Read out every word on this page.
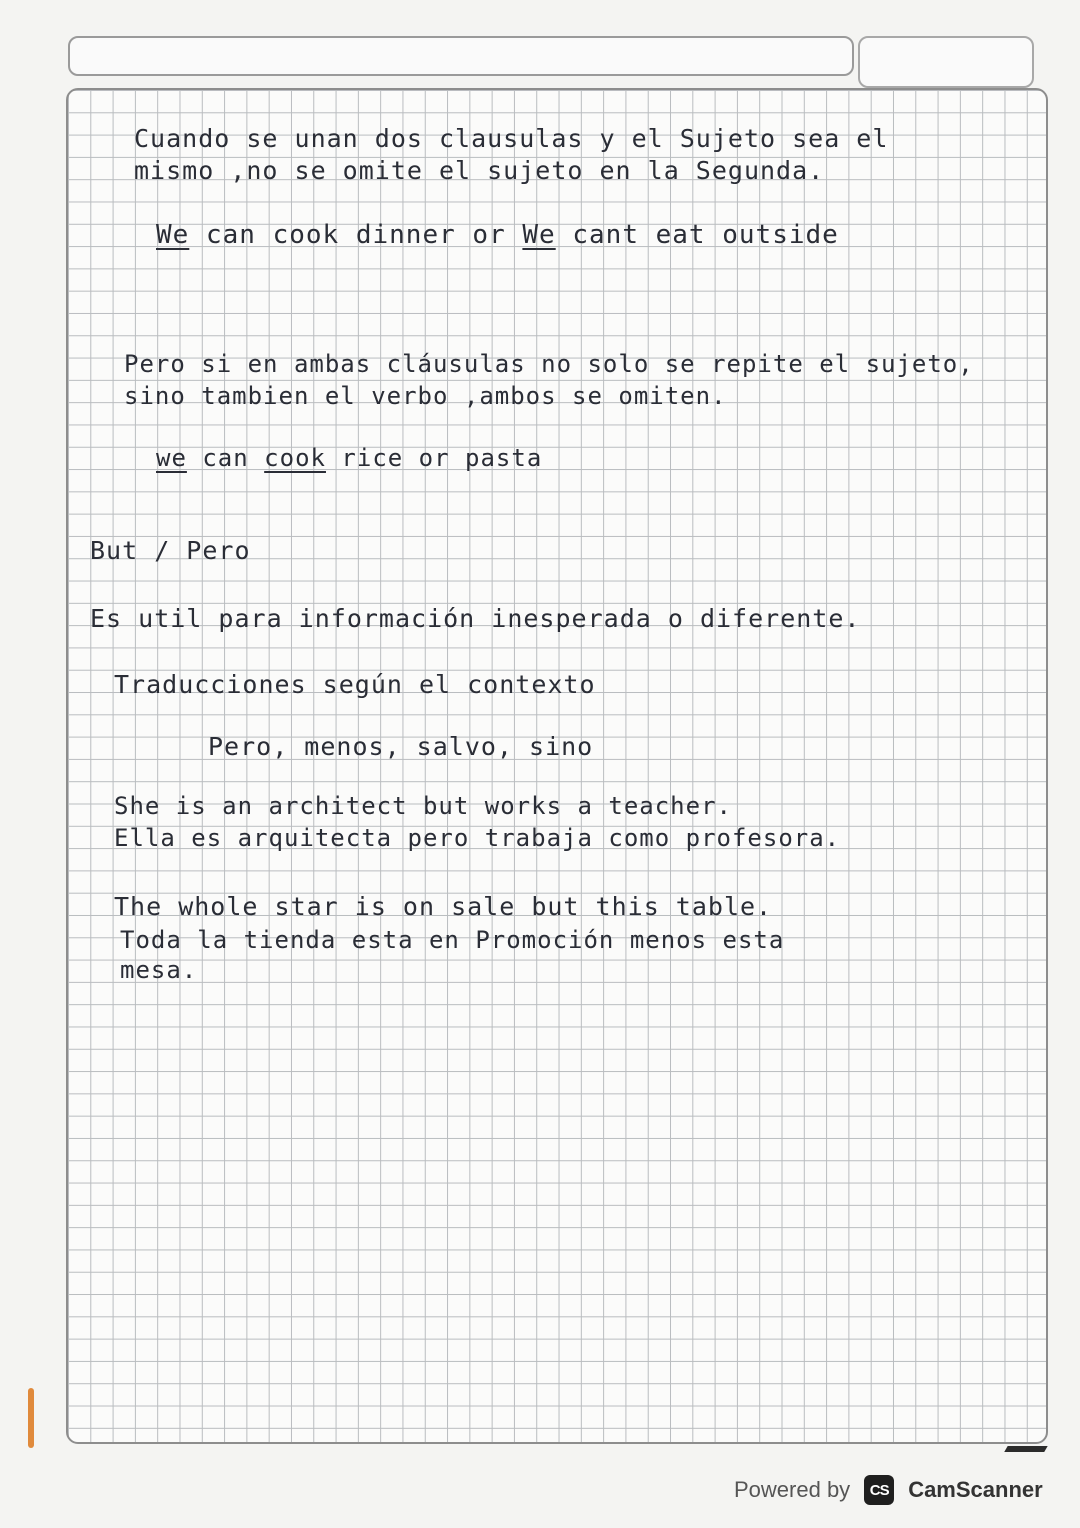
Cuando se unan dos clausulas y el Sujeto sea el
mismo ,no se omite el sujeto en la Segunda.
We can cook dinner or We cant eat outside
Pero si en ambas cláusulas no solo se repite el sujeto,
sino tambien el verbo ,ambos se omiten.
we can cook rice or pasta
But / Pero
Es util para información inesperada o diferente.
Traducciones según el contexto
Pero, menos, salvo, sino
She is an architect but works a teacher.
Ella es arquitecta pero trabaja como profesora.
The whole star is on sale but this table.
Toda la tienda esta en Promoción menos esta
mesa.
Powered by	CS CamScanner
